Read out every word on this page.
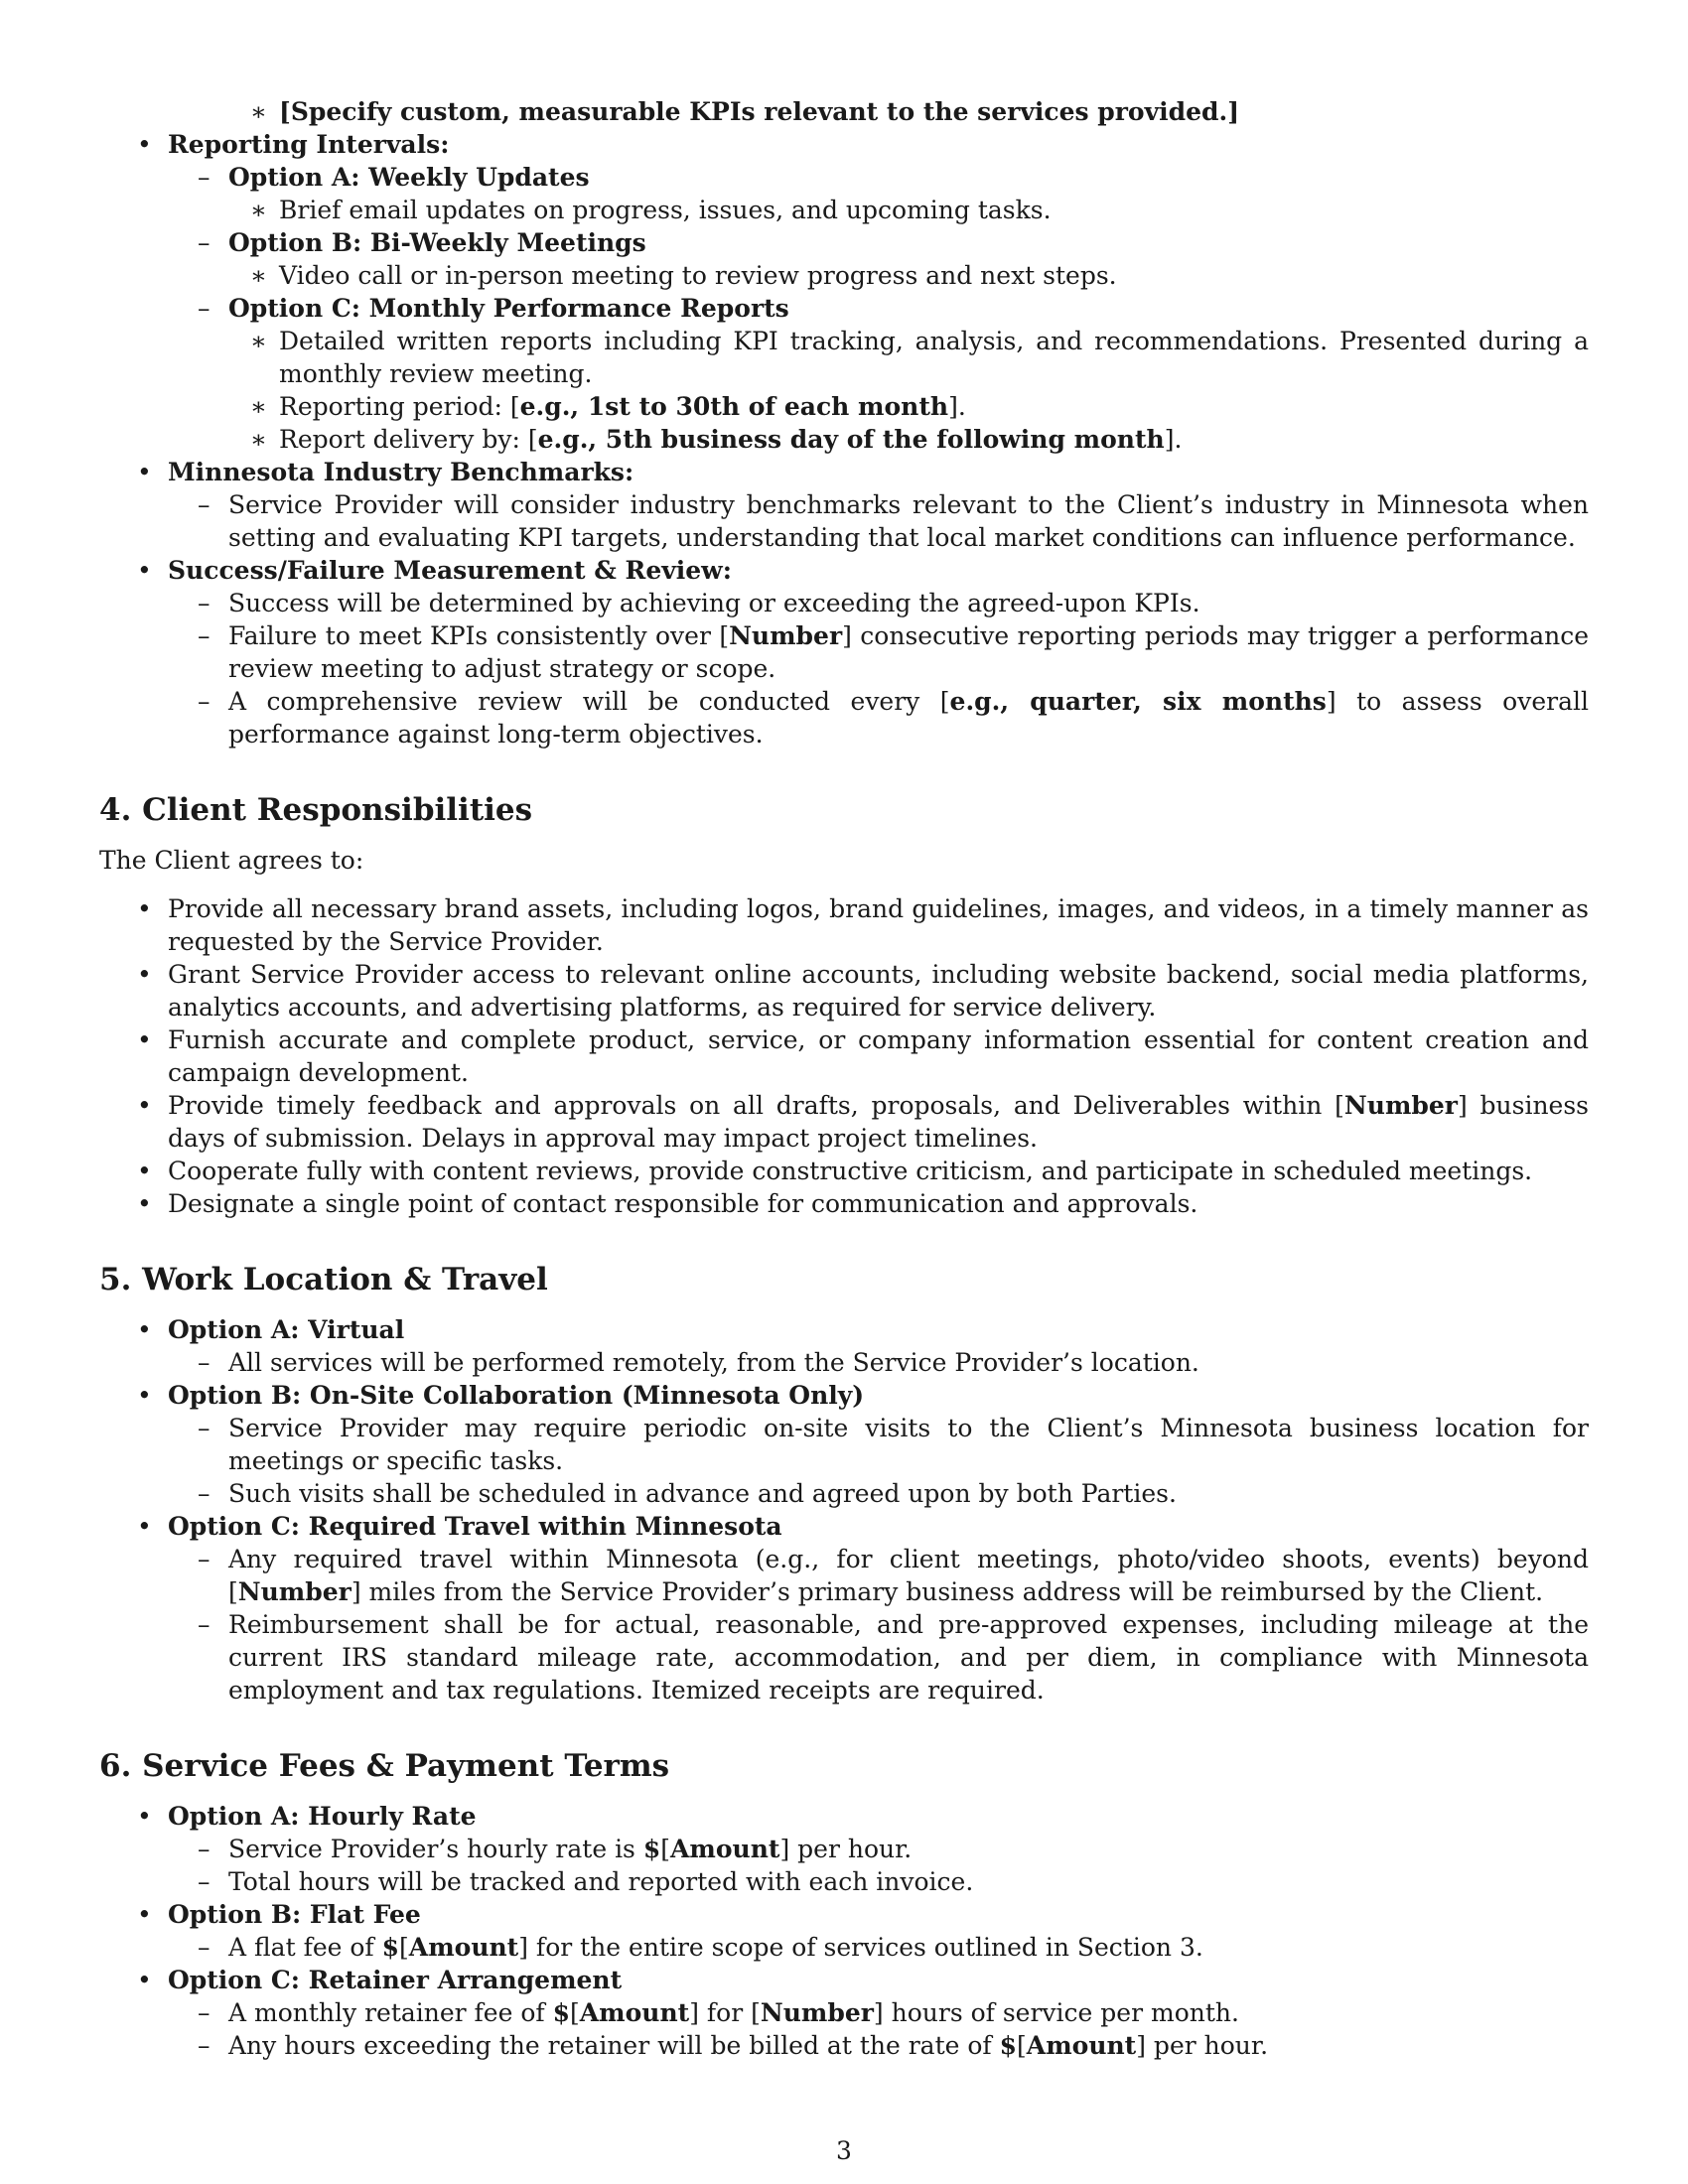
∗ [Specify custom, measurable KPIs relevant to the services provided.]
• Reporting Intervals:
– Option A: Weekly Updates
∗ Brief email updates on progress, issues, and upcoming tasks.
– Option B: Bi-Weekly Meetings
∗ Video call or in-person meeting to review progress and next steps.
– Option C: Monthly Performance Reports
∗ Detailed written reports including KPI tracking, analysis, and recommendations. Presented during a monthly review meeting.
∗ Reporting period: [e.g., 1st to 30th of each month].
∗ Report delivery by: [e.g., 5th business day of the following month].
• Minnesota Industry Benchmarks:
– Service Provider will consider industry benchmarks relevant to the Client’s industry in Minnesota when setting and evaluating KPI targets, understanding that local market conditions can influence performance.
• Success/Failure Measurement & Review:
– Success will be determined by achieving or exceeding the agreed-upon KPIs.
– Failure to meet KPIs consistently over [Number] consecutive reporting periods may trigger a performance review meeting to adjust strategy or scope.
– A comprehensive review will be conducted every [e.g., quarter, six months] to assess overall performance against long-term objectives.
4. Client Responsibilities
The Client agrees to:
• Provide all necessary brand assets, including logos, brand guidelines, images, and videos, in a timely manner as requested by the Service Provider.
• Grant Service Provider access to relevant online accounts, including website backend, social media platforms, analytics accounts, and advertising platforms, as required for service delivery.
• Furnish accurate and complete product, service, or company information essential for content creation and campaign development.
• Provide timely feedback and approvals on all drafts, proposals, and Deliverables within [Number] business days of submission. Delays in approval may impact project timelines.
• Cooperate fully with content reviews, provide constructive criticism, and participate in scheduled meetings.
• Designate a single point of contact responsible for communication and approvals.
5. Work Location & Travel
• Option A: Virtual
– All services will be performed remotely, from the Service Provider’s location.
• Option B: On-Site Collaboration (Minnesota Only)
– Service Provider may require periodic on-site visits to the Client’s Minnesota business location for meetings or specific tasks.
– Such visits shall be scheduled in advance and agreed upon by both Parties.
• Option C: Required Travel within Minnesota
– Any required travel within Minnesota (e.g., for client meetings, photo/video shoots, events) beyond [Number] miles from the Service Provider’s primary business address will be reimbursed by the Client.
– Reimbursement shall be for actual, reasonable, and pre-approved expenses, including mileage at the current IRS standard mileage rate, accommodation, and per diem, in compliance with Minnesota employment and tax regulations. Itemized receipts are required.
6. Service Fees & Payment Terms
• Option A: Hourly Rate
– Service Provider’s hourly rate is $[Amount] per hour.
– Total hours will be tracked and reported with each invoice.
• Option B: Flat Fee
– A flat fee of $[Amount] for the entire scope of services outlined in Section 3.
• Option C: Retainer Arrangement
– A monthly retainer fee of $[Amount] for [Number] hours of service per month.
– Any hours exceeding the retainer will be billed at the rate of $[Amount] per hour.
3
